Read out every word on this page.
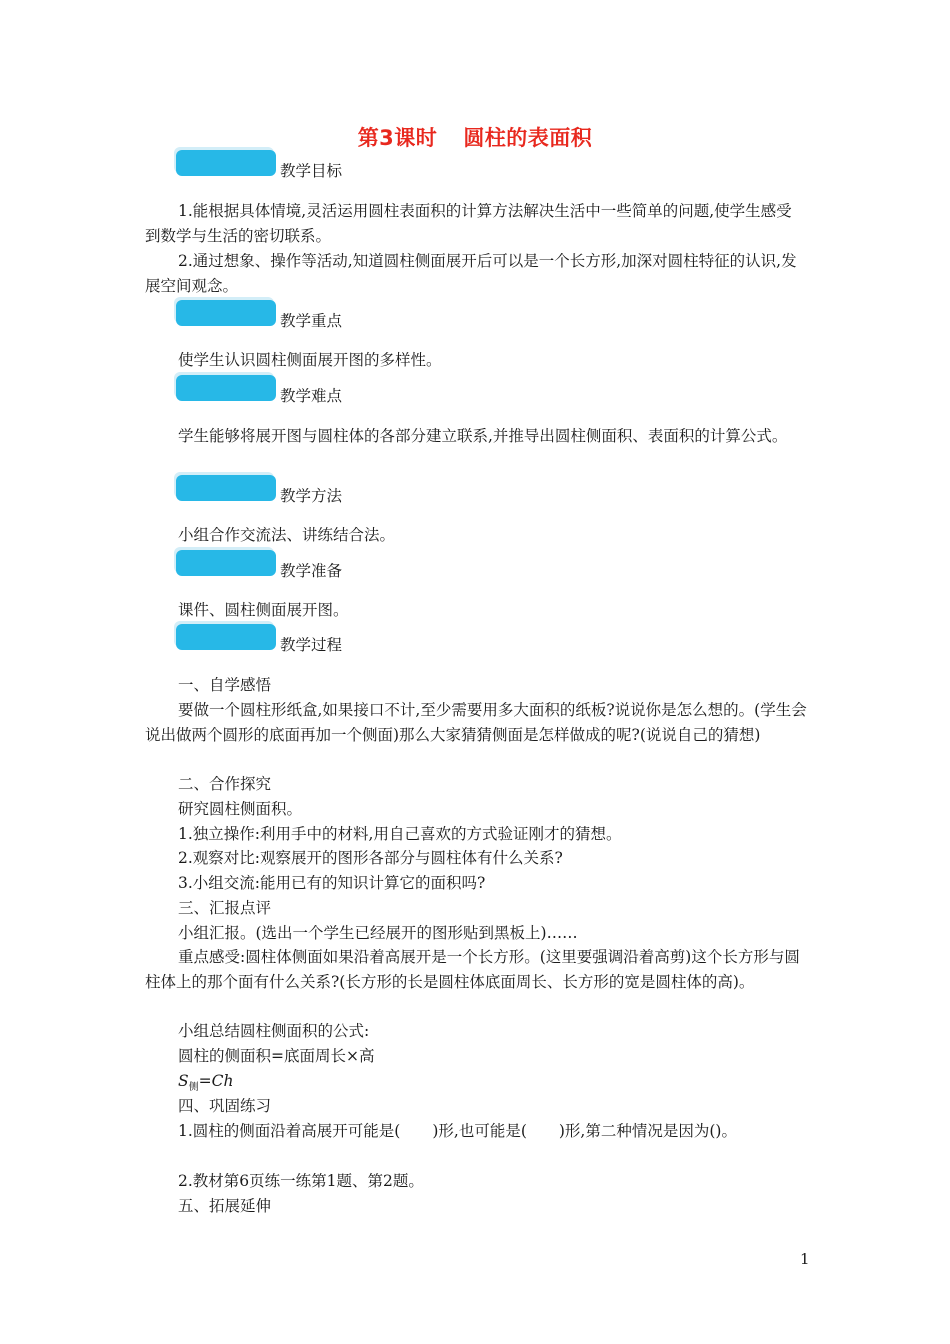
第3课时 圆柱的表面积
教学目标

1.能根据具体情境,灵活运用圆柱表面积的计算方法解决生活中一些简单的问题,使学生感受到数学与生活的密切联系。

2.通过想象、操作等活动,知道圆柱侧面展开后可以是一个长方形,加深对圆柱特征的认识,发展空间观念。

教学重点

使学生认识圆柱侧面展开图的多样性。

教学难点

学生能够将展开图与圆柱体的各部分建立联系,并推导出圆柱侧面积、表面积的计算公式。

教学方法

小组合作交流法、讲练结合法。

教学准备

课件、圆柱侧面展开图。

教学过程

一、自学感悟

要做一个圆柱形纸盒,如果接口不计,至少需要用多大面积的纸板?说说你是怎么想的。(学生会说出做两个圆形的底面再加一个侧面)那么大家猜猜侧面是怎样做成的呢?(说说自己的猜想)

二、合作探究

研究圆柱侧面积。

1.独立操作:利用手中的材料,用自己喜欢的方式验证刚才的猜想。

2.观察对比:观察展开的图形各部分与圆柱体有什么关系?

3.小组交流:能用已有的知识计算它的面积吗?

三、汇报点评

小组汇报。(选出一个学生已经展开的图形贴到黑板上)……

重点感受:圆柱体侧面如果沿着高展开是一个长方形。(这里要强调沿着高剪)这个长方形与圆柱体上的那个面有什么关系?(长方形的长是圆柱体底面周长、长方形的宽是圆柱体的高)。

小组总结圆柱侧面积的公式:

圆柱的侧面积=底面周长×高

$S_侧=Ch$

四、巩固练习

1.圆柱的侧面沿着高展开可能是( )形,也可能是( )形,第二种情况是因为()。

2.教材第6页练一练第1题、第2题。

五、拓展延伸

1
